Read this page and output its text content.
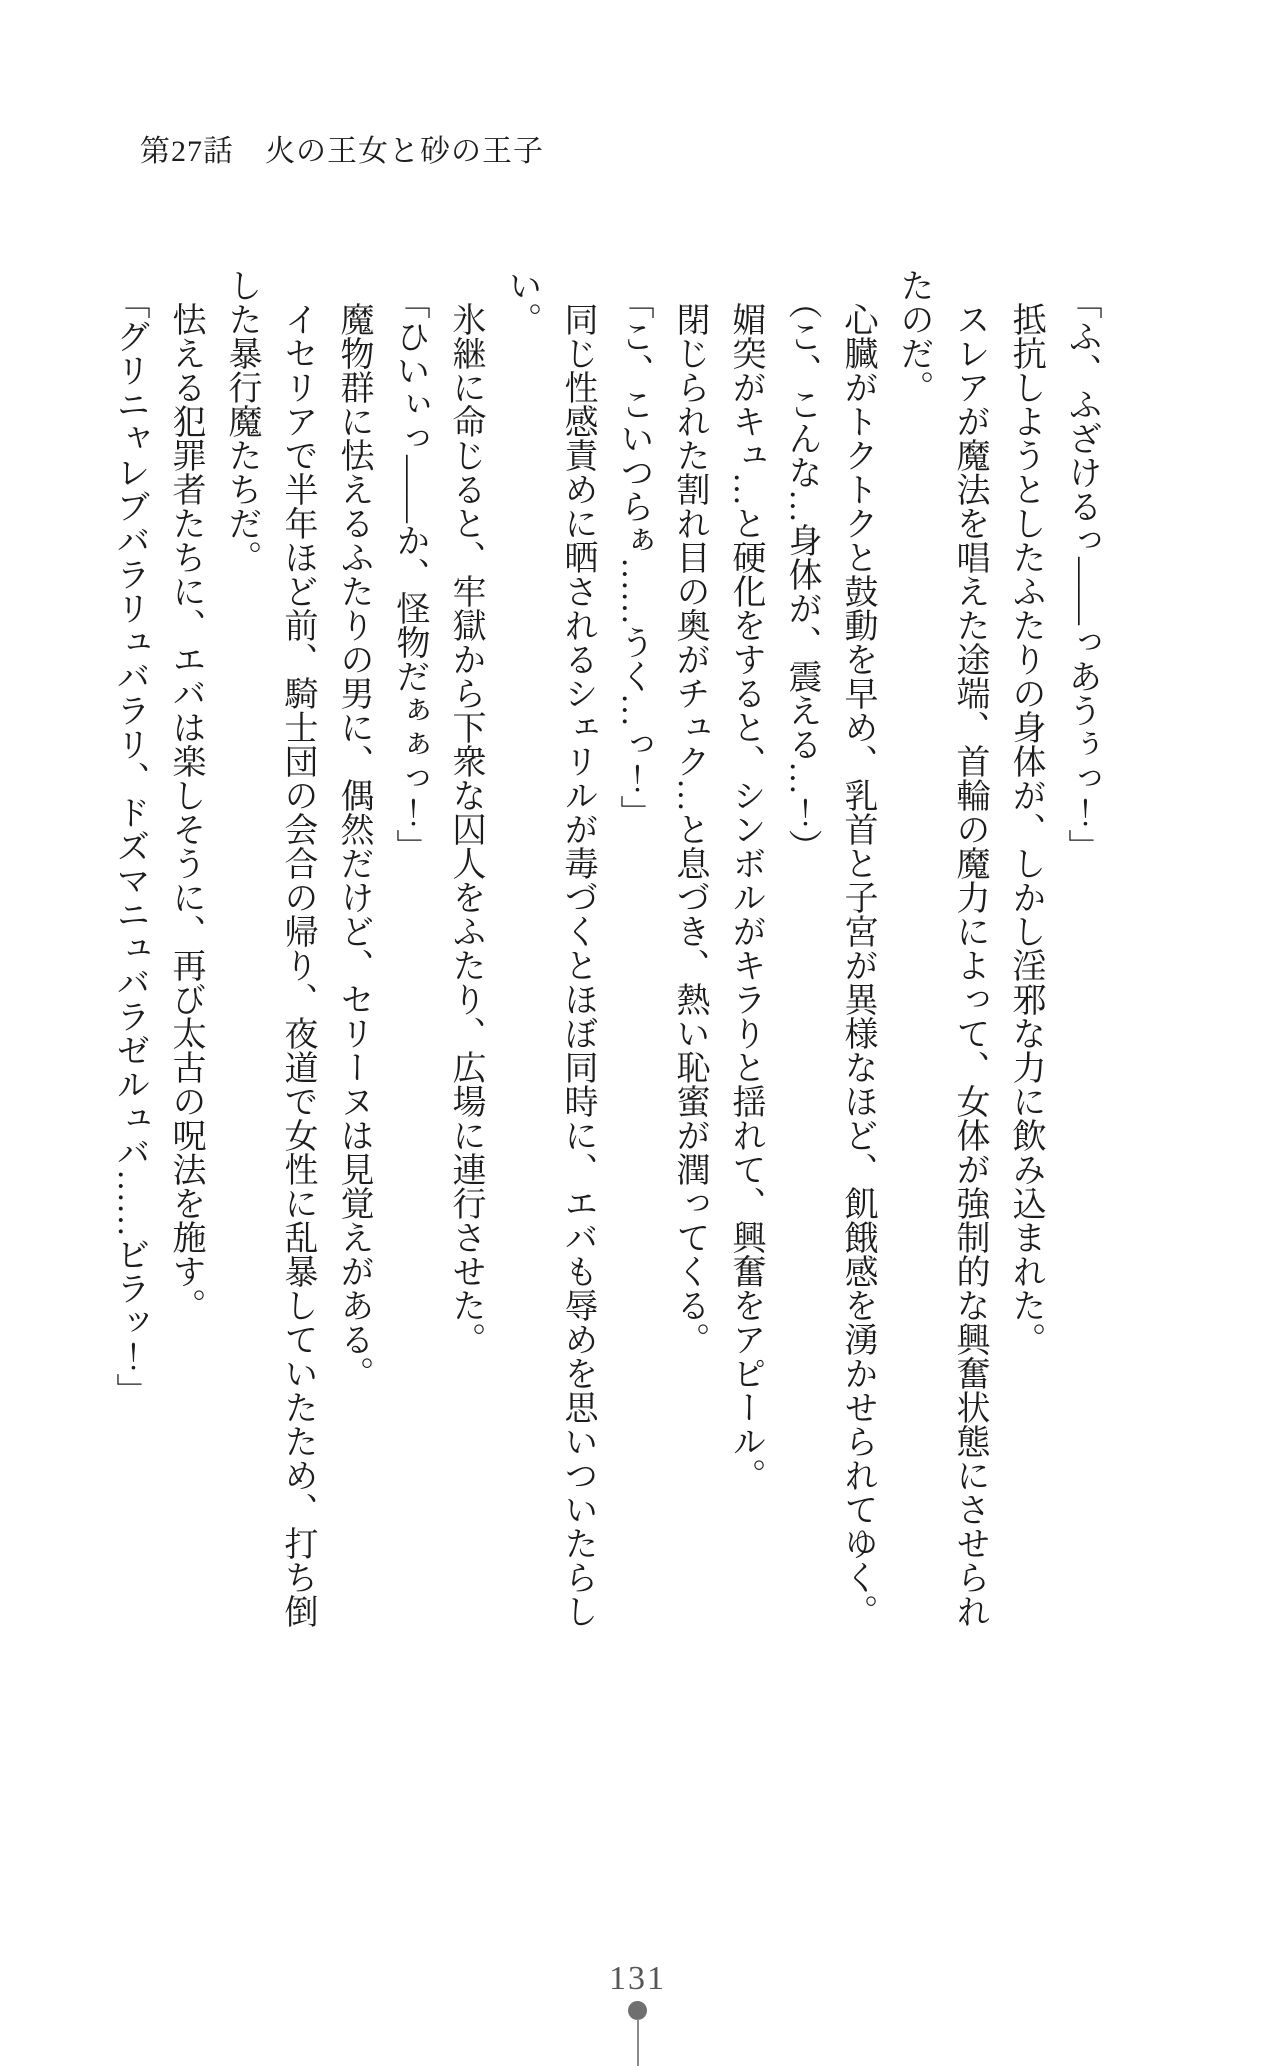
第27話　火の王女と砂の王子
「ふ、ふざけるっ――っあうぅっ！」
抵抗しようとしたふたりの身体が、しかし淫邪な力に飲み込まれた。
スレアが魔法を唱えた途端、首輪の魔力によって、女体が強制的な興奮状態にさせられ
たのだ。
心臓がトクトクと鼓動を早め、乳首と子宮が異様なほど、飢餓感を湧かせられてゆく。
（こ、こんな…身体が、震える…！）
媚突がキュ…と硬化をすると、シンボルがキラりと揺れて、興奮をアピール。
閉じられた割れ目の奥がチュク…と息づき、熱い恥蜜が潤ってくる。
「こ、こいつらぁ……うく…っ！」
同じ性感責めに晒されるシェリルが毒づくとほぼ同時に、エバも辱めを思いついたらし
い。
氷継に命じると、牢獄から下衆な囚人をふたり、広場に連行させた。
「ひいぃっ――か、怪物だぁぁっ！」
魔物群に怯えるふたりの男に、偶然だけど、セリーヌは見覚えがある。
イセリアで半年ほど前、騎士団の会合の帰り、夜道で女性に乱暴していたため、打ち倒
した暴行魔たちだ。
怯える犯罪者たちに、エバは楽しそうに、再び太古の呪法を施す。
「グリニャレブバラリュバラリ、ドズマニュバラゼルュバ……ビラッ！」
131
